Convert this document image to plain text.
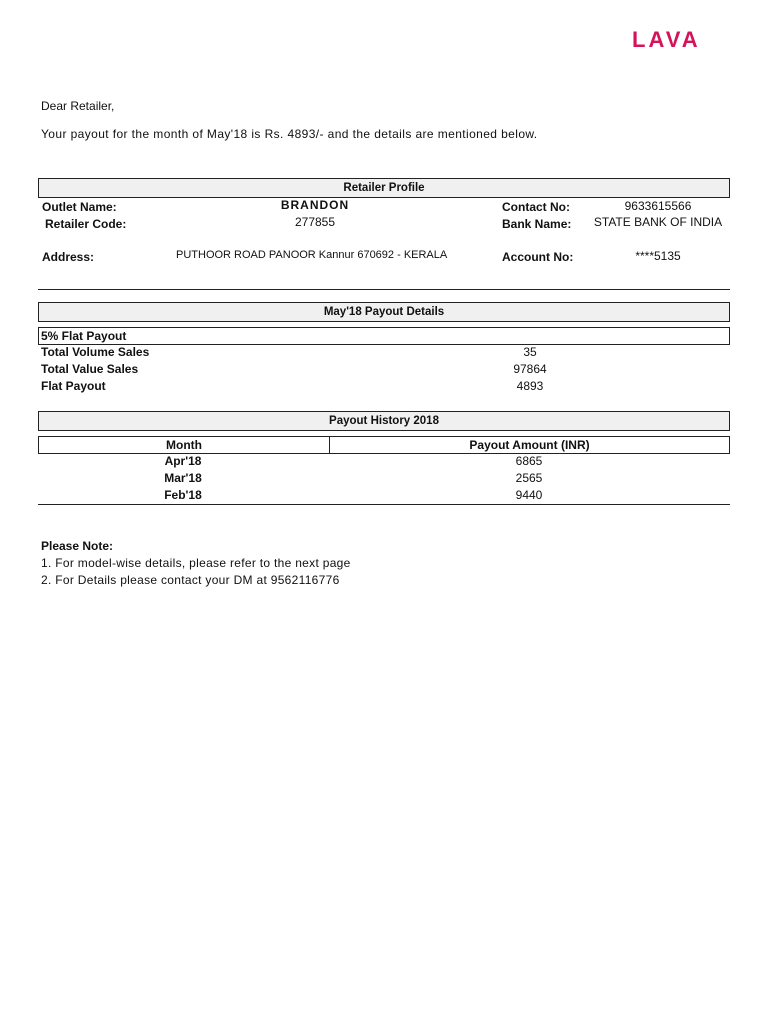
LAVA
Dear Retailer,
Your payout for the month of May'18 is Rs. 4893/- and the details are mentioned below.
Retailer Profile
Outlet Name:	BRANDON
Retailer Code:	277855
Address:	PUTHOOR ROAD PANOOR Kannur 670692 - KERALA
Contact No:	9633615566
Bank Name:	STATE BANK OF INDIA
Account No:	****5135
May'18 Payout Details
5% Flat Payout
Total Volume Sales	35
Total Value Sales	97864
Flat Payout	4893
Payout History 2018
Month	Payout Amount (INR)
Apr'18	6865
Mar'18	2565
Feb'18	9440
Please Note:
1. For model-wise details, please refer to the next page
2. For Details please contact your DM at 9562116776
